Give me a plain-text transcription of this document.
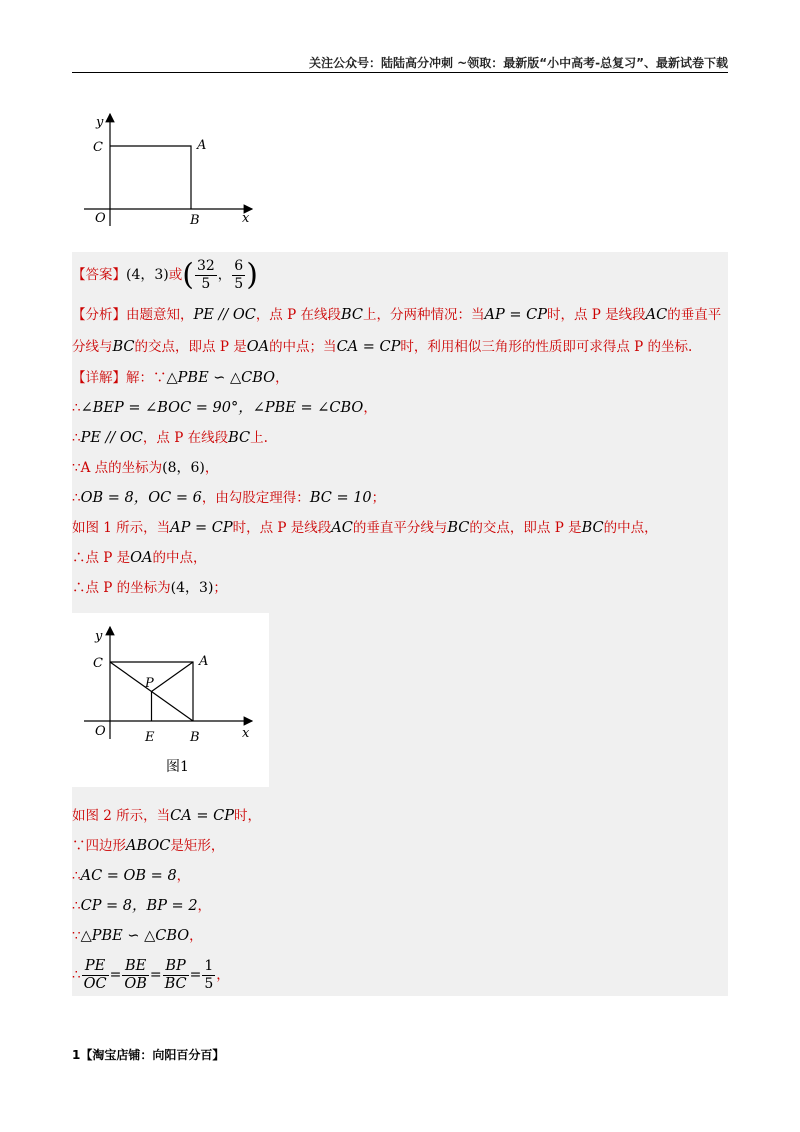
关注公众号：陆陆高分冲刺 ~领取：最新版“小中高考-总复习”、最新试卷下载
y
C	A
O	B	x
【答案】(4，3)或( $\frac{32}{5}$ ， $\frac{6}{5}$ )
【分析】由题意知，PE // OC，点 P 在线段BC上，分两种情况：当AP = CP时，点 P 是线段AC的垂直平
分线与BC的交点，即点 P 是OA的中点；当CA = CP时，利用相似三角形的性质即可求得点 P 的坐标.
【详解】解：∵△PBE ∽ △CBO，
∴∠BEP = ∠BOC = 90°，∠PBE = ∠CBO，
∴PE // OC，点 P 在线段BC上.
∵A 点的坐标为(8，6)，
∴OB = 8，OC = 6，由勾股定理得：BC = 10；
如图 1 所示，当AP = CP时，点 P 是线段AC的垂直平分线与BC的交点，即点 P 是BC的中点，
∴点 P 是OA的中点，
∴点 P 的坐标为(4，3)；
y
C	A
P
O	E	B	x
图1
如图 2 所示，当CA = CP时，
∵四边形ABOC是矩形，
∴AC = OB = 8，
∴CP = 8，BP = 2，
∵△PBE ∽ △CBO，
∴ $\frac{PE}{OC} = \frac{BE}{OB} = \frac{BP}{BC} = \frac{1}{5}$ ，
1【淘宝店铺：向阳百分百】
